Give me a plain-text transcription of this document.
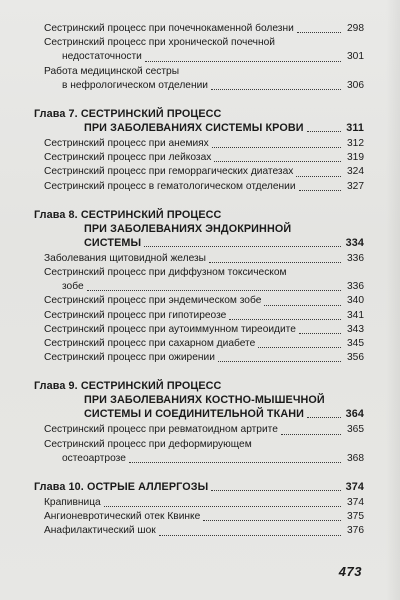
Сестринский процесс при почечнокаменной болезни	298
Сестринский процесс при хронической почечной
недостаточности	301
Работа медицинской сестры
в нефрологическом отделении	306
Глава 7. СЕСТРИНСКИЙ ПРОЦЕСС
ПРИ ЗАБОЛЕВАНИЯХ СИСТЕМЫ КРОВИ	311
Сестринский процесс при анемиях	312
Сестринский процесс при лейкозах	319
Сестринский процесс при геморрагических диатезах	324
Сестринский процесс в гематологическом отделении	327
Глава 8. СЕСТРИНСКИЙ ПРОЦЕСС
ПРИ ЗАБОЛЕВАНИЯХ ЭНДОКРИННОЙ
СИСТЕМЫ	334
Заболевания щитовидной железы	336
Сестринский процесс при диффузном токсическом
зобе	336
Сестринский процесс при эндемическом зобе	340
Сестринский процесс при гипотиреозе	341
Сестринский процесс при аутоиммунном тиреоидите	343
Сестринский процесс при сахарном диабете	345
Сестринский процесс при ожирении	356
Глава 9. СЕСТРИНСКИЙ ПРОЦЕСС
ПРИ ЗАБОЛЕВАНИЯХ КОСТНО-МЫШЕЧНОЙ
СИСТЕМЫ И СОЕДИНИТЕЛЬНОЙ ТКАНИ	364
Сестринский процесс при ревматоидном артрите	365
Сестринский процесс при деформирующем
остеоартрозе	368
Глава 10. ОСТРЫЕ АЛЛЕРГОЗЫ	374
Крапивница	374
Ангионевротический отек Квинке	375
Анафилактический шок	376
473
